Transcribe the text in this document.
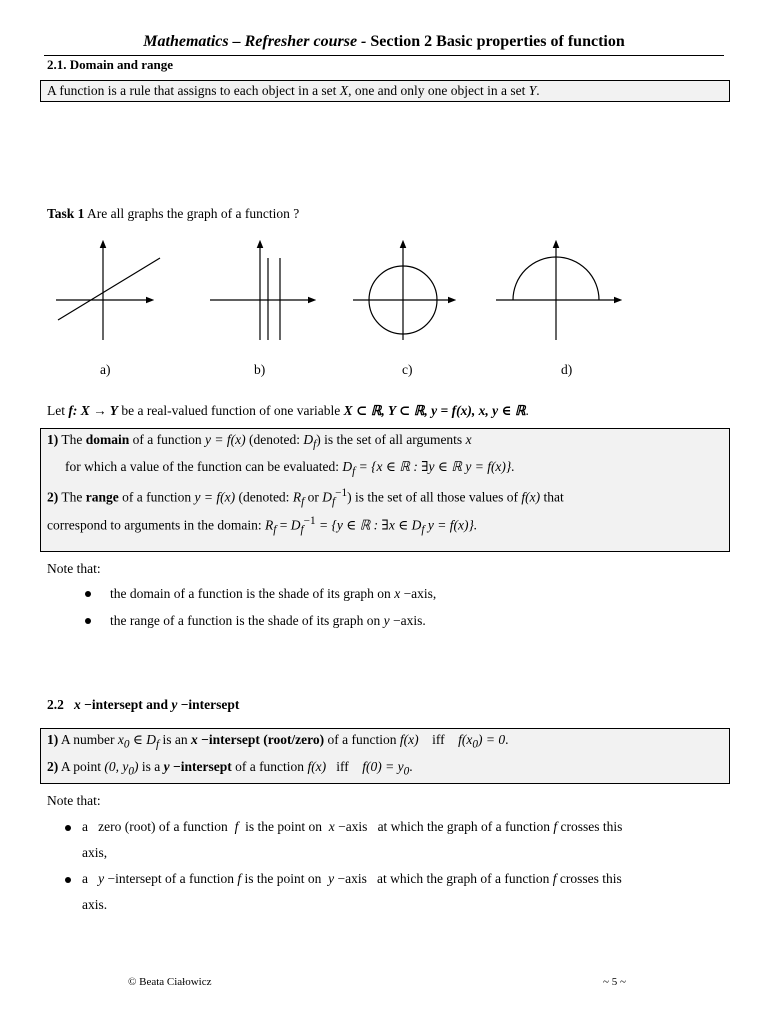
Mathematics – Refresher course - Section 2 Basic properties of function
2.1. Domain and range
A function is a rule that assigns to each object in a set X, one and only one object in a set Y.
Task 1 Are all graphs the graph of a function ?
a)	b)	c)	d)
Let f: X → Y be a real-valued function of one variable X ⊂ ℝ, Y ⊂ ℝ, y = f(x), x, y ∈ ℝ.
1) The domain of a function y = f(x) (denoted: $D_f$) is the set of all arguments x
for which a value of the function can be evaluated: $D_f = \{x$ ∈ ℝ : ∃y ∈ ℝ y = f(x)}.
2) The range of a function y = f(x) (denoted: $R_f$ or $D_f^{-1}$) is the set of all those values of f(x) that
correspond to arguments in the domain: $R_f = D_f^{-1} = \{y$ ∈ ℝ : ∃x ∈ $D_f$ y = f(x)}.
Note that:
the domain of a function is the shade of its graph on x −axis,
the range of a function is the shade of its graph on y −axis.
2.2 x −intersept and y −intersept
1) A number $x_0$ ∈ $D_f$ is an x −intersept (root/zero) of a function f(x)    iff    $f(x_0) = 0$.
2) A point (0, $y_0$) is a y −intersept of a function f(x)   iff    $f(0) = y_0$.
Note that:
a   zero (root) of a function  f  is the point on  x −axis   at which the graph of a function f crosses this
axis,
a   y −intersept of a function f is the point on  y −axis   at which the graph of a function f crosses this
axis.
© Beata Ciałowicz	~ 5 ~
